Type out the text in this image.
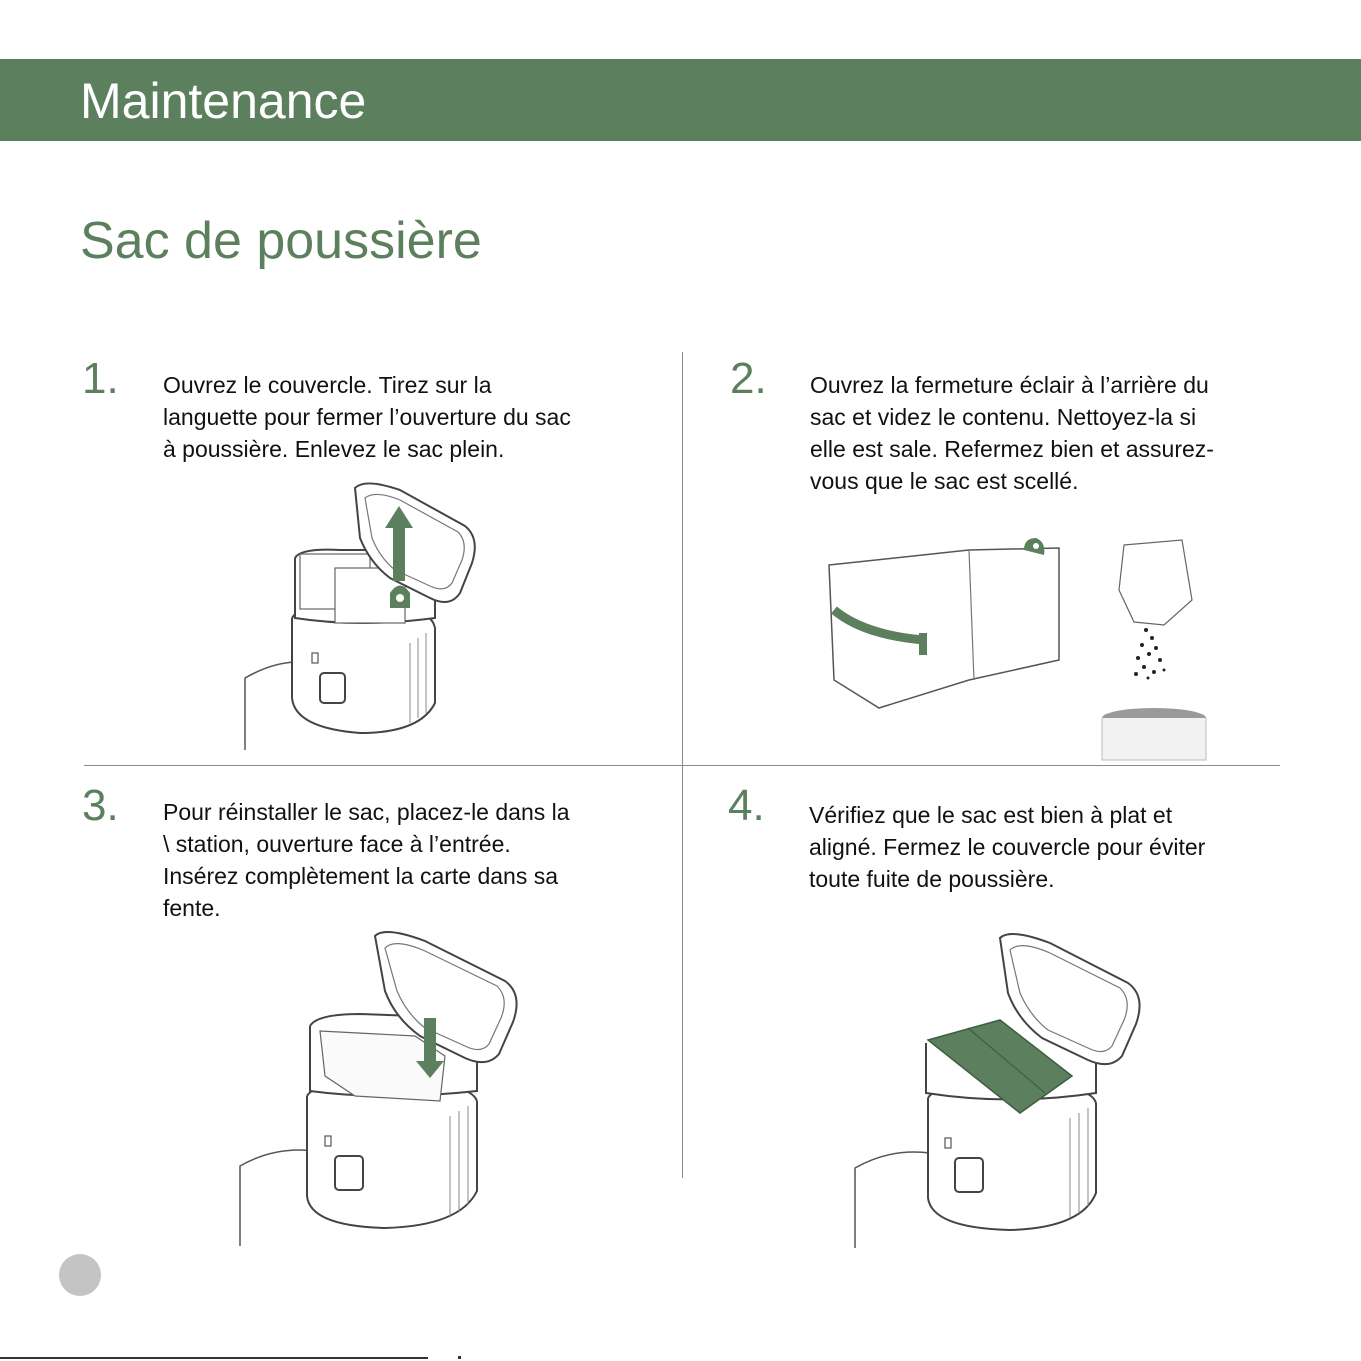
Maintenance
Sac de poussière
1. Ouvrez le couvercle. Tirez sur la
languette pour fermer l’ouverture du sac
à poussière. Enlevez le sac plein.

2. Ouvrez la fermeture éclair à l’arrière du
sac et videz le contenu. Nettoyez-la si
elle est sale. Refermez bien et assurez-
vous que le sac est scellé.

3. Pour réinstaller le sac, placez-le dans la
\ station, ouverture face à l’entrée.
Insérez complètement la carte dans sa
fente.

4. Vérifiez que le sac est bien à plat et
aligné. Fermez le couvercle pour éviter
toute fuite de poussière.
